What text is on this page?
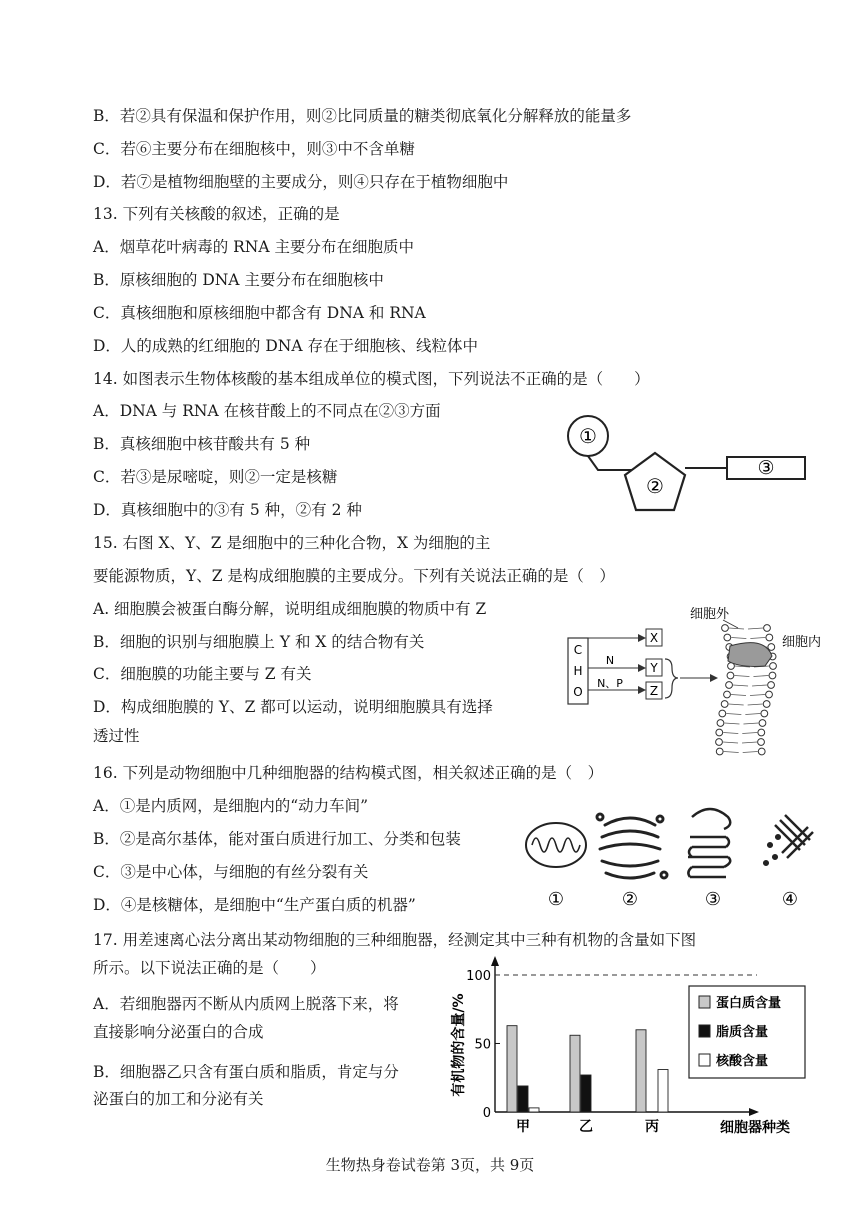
B．若②具有保温和保护作用，则②比同质量的糖类彻底氧化分解释放的能量多
C．若⑥主要分布在细胞核中，则③中不含单糖
D．若⑦是植物细胞壁的主要成分，则④只存在于植物细胞中
13. 下列有关核酸的叙述，正确的是
A．烟草花叶病毒的 RNA 主要分布在细胞质中
B．原核细胞的 DNA 主要分布在细胞核中
C．真核细胞和原核细胞中都含有 DNA 和 RNA
D．人的成熟的红细胞的 DNA 存在于细胞核、线粒体中
14. 如图表示生物体核酸的基本组成单位的模式图，下列说法不正确的是（　　）
A．DNA 与 RNA 在核苷酸上的不同点在②③方面
B．真核细胞中核苷酸共有 5 种
C．若③是尿嘧啶，则②一定是核糖
D．真核细胞中的③有 5 种，②有 2 种
15. 右图 X、Y、Z 是细胞中的三种化合物，X 为细胞的主
要能源物质，Y、Z 是构成细胞膜的主要成分。下列有关说法正确的是（　）
A. 细胞膜会被蛋白酶分解，说明组成细胞膜的物质中有 Z
B．细胞的识别与细胞膜上 Y 和 X 的结合物有关
C．细胞膜的功能主要与 Z 有关
D．构成细胞膜的 Y、Z 都可以运动，说明细胞膜具有选择
透过性
16. 下列是动物细胞中几种细胞器的结构模式图，相关叙述正确的是（　）
A．①是内质网，是细胞内的“动力车间”
B．②是高尔基体，能对蛋白质进行加工、分类和包装
C．③是中心体，与细胞的有丝分裂有关
D．④是核糖体，是细胞中“生产蛋白质的机器”
17. 用差速离心法分离出某动物细胞的三种细胞器，经测定其中三种有机物的含量如下图
所示。以下说法正确的是（　　）
A．若细胞器丙不断从内质网上脱落下来，将
直接影响分泌蛋白的合成
B．细胞器乙只含有蛋白质和脂质，肯定与分
泌蛋白的加工和分泌有关
①
②
③
C
H
O
N
N、P
X
Y
Z
细胞外
细胞内
①	②	③	④
有机物的含量/%
细胞器种类
0
50
100
甲	乙	丙
蛋白质含量
脂质含量
核酸含量
生物热身卷试卷第 3页，共 9页
